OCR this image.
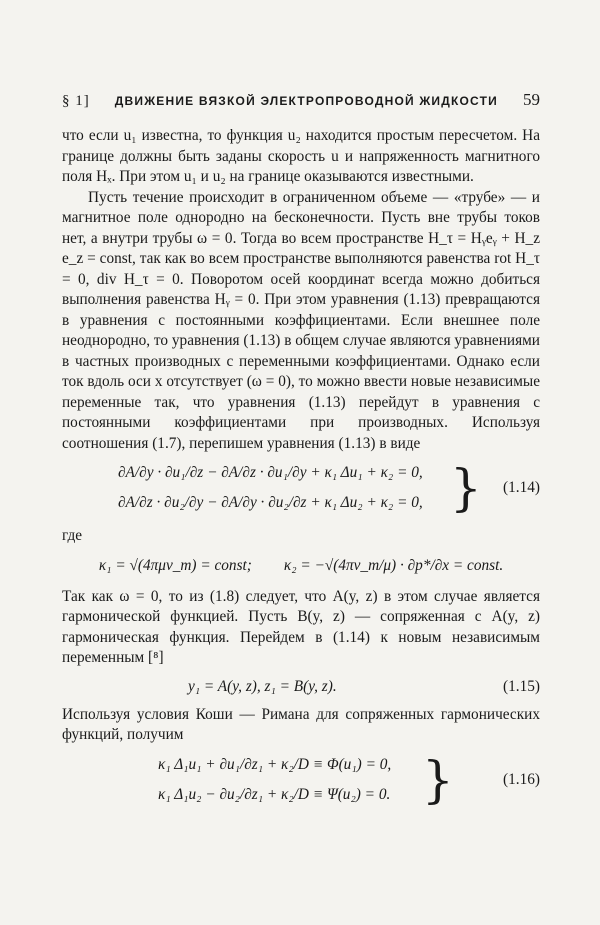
§ 1] ДВИЖЕНИЕ ВЯЗКОЙ ЭЛЕКТРОПРОВОДНОЙ ЖИДКОСТИ 59

что если u₁ известна, то функция u₂ находится простым пересчетом. На границе должны быть заданы скорость u и напряженность магнитного поля Hₓ. При этом u₁ и u₂ на границе оказываются известными.

Пусть течение происходит в ограниченном объеме — «трубе» — и магнитное поле однородно на бесконечности. Пусть вне трубы токов нет, а внутри трубы ω = 0. Тогда во всем пространстве H_τ = Hᵧeᵧ + H_z e_z = const, так как во всем пространстве выполняются равенства rot H_τ = 0, div H_τ = 0. Поворотом осей координат всегда можно добиться выполнения равенства Hᵧ = 0. При этом уравнения (1.13) превращаются в уравнения с постоянными коэффициентами. Если внешнее поле неоднородно, то уравнения (1.13) в общем случае являются уравнениями в частных производных с переменными коэффициентами. Однако если ток вдоль оси x отсутствует (ω = 0), то можно ввести новые независимые переменные так, что уравнения (1.13) перейдут в уравнения с постоянными коэффициентами при производных. Используя соотношения (1.7), перепишем уравнения (1.13) в виде

∂A/∂y · ∂u₁/∂z − ∂A/∂z · ∂u₁/∂y + κ₁ Δu₁ + κ₂ = 0,
∂A/∂z · ∂u₂/∂y − ∂A/∂y · ∂u₂/∂z + κ₁ Δu₂ + κ₂ = 0, } (1.14)

где

κ₁ = √(4πμν_m) = const; κ₂ = −√(4πν_m/μ) · ∂p*/∂x = const.

Так как ω = 0, то из (1.8) следует, что A(y, z) в этом случае является гармонической функцией. Пусть B(y, z) — сопряженная с A(y, z) гармоническая функция. Перейдем в (1.14) к новым независимым переменным [⁸]

y₁ = A(y, z), z₁ = B(y, z).	(1.15)

Используя условия Коши — Римана для сопряженных гармонических функций, получим

κ₁ Δ₁u₁ + ∂u₁/∂z₁ + κ₂/D ≡ Φ(u₁) = 0,
κ₁ Δ₁u₂ − ∂u₂/∂z₁ + κ₂/D ≡ Ψ(u₂) = 0. }	(1.16)
